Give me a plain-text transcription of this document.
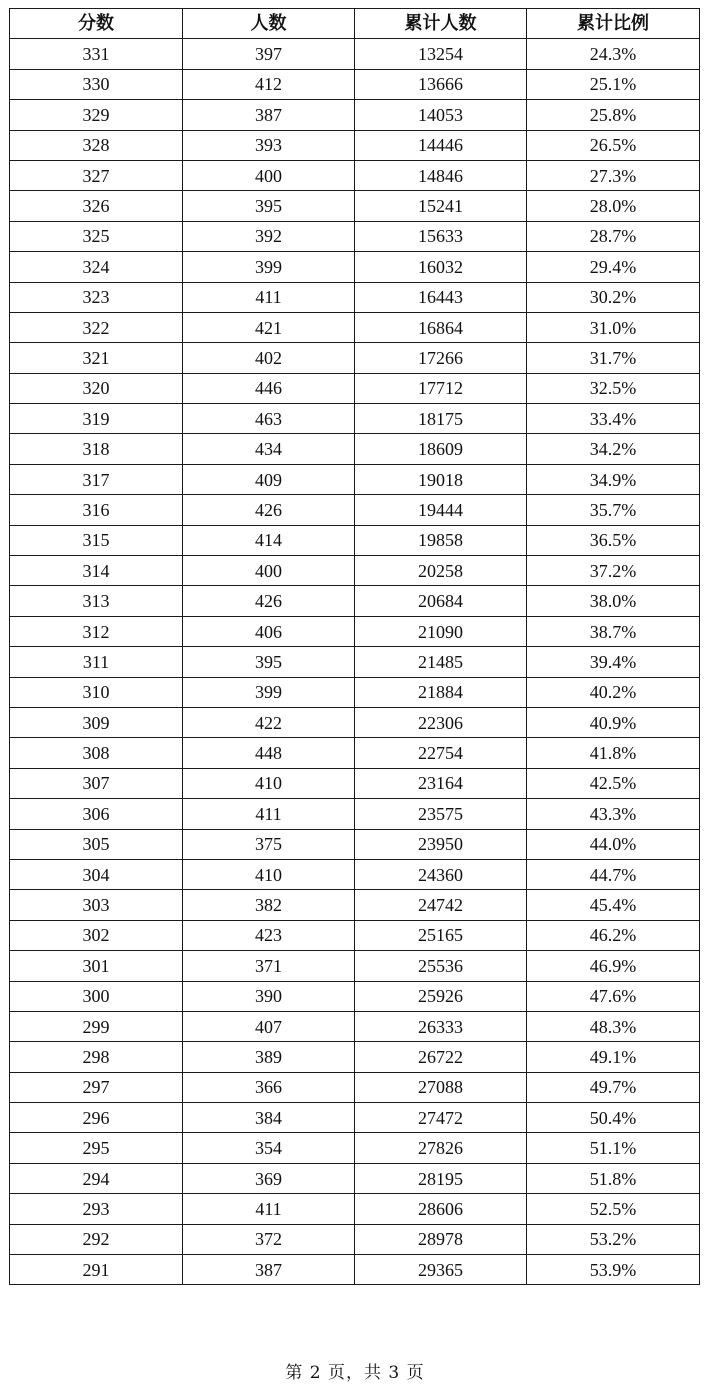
分数	人数	累计人数	累计比例
331	397	13254	24.3%
330	412	13666	25.1%
329	387	14053	25.8%
328	393	14446	26.5%
327	400	14846	27.3%
326	395	15241	28.0%
325	392	15633	28.7%
324	399	16032	29.4%
323	411	16443	30.2%
322	421	16864	31.0%
321	402	17266	31.7%
320	446	17712	32.5%
319	463	18175	33.4%
318	434	18609	34.2%
317	409	19018	34.9%
316	426	19444	35.7%
315	414	19858	36.5%
314	400	20258	37.2%
313	426	20684	38.0%
312	406	21090	38.7%
311	395	21485	39.4%
310	399	21884	40.2%
309	422	22306	40.9%
308	448	22754	41.8%
307	410	23164	42.5%
306	411	23575	43.3%
305	375	23950	44.0%
304	410	24360	44.7%
303	382	24742	45.4%
302	423	25165	46.2%
301	371	25536	46.9%
300	390	25926	47.6%
299	407	26333	48.3%
298	389	26722	49.1%
297	366	27088	49.7%
296	384	27472	50.4%
295	354	27826	51.1%
294	369	28195	51.8%
293	411	28606	52.5%
292	372	28978	53.2%
291	387	29365	53.9%
第 2 页，共 3 页
